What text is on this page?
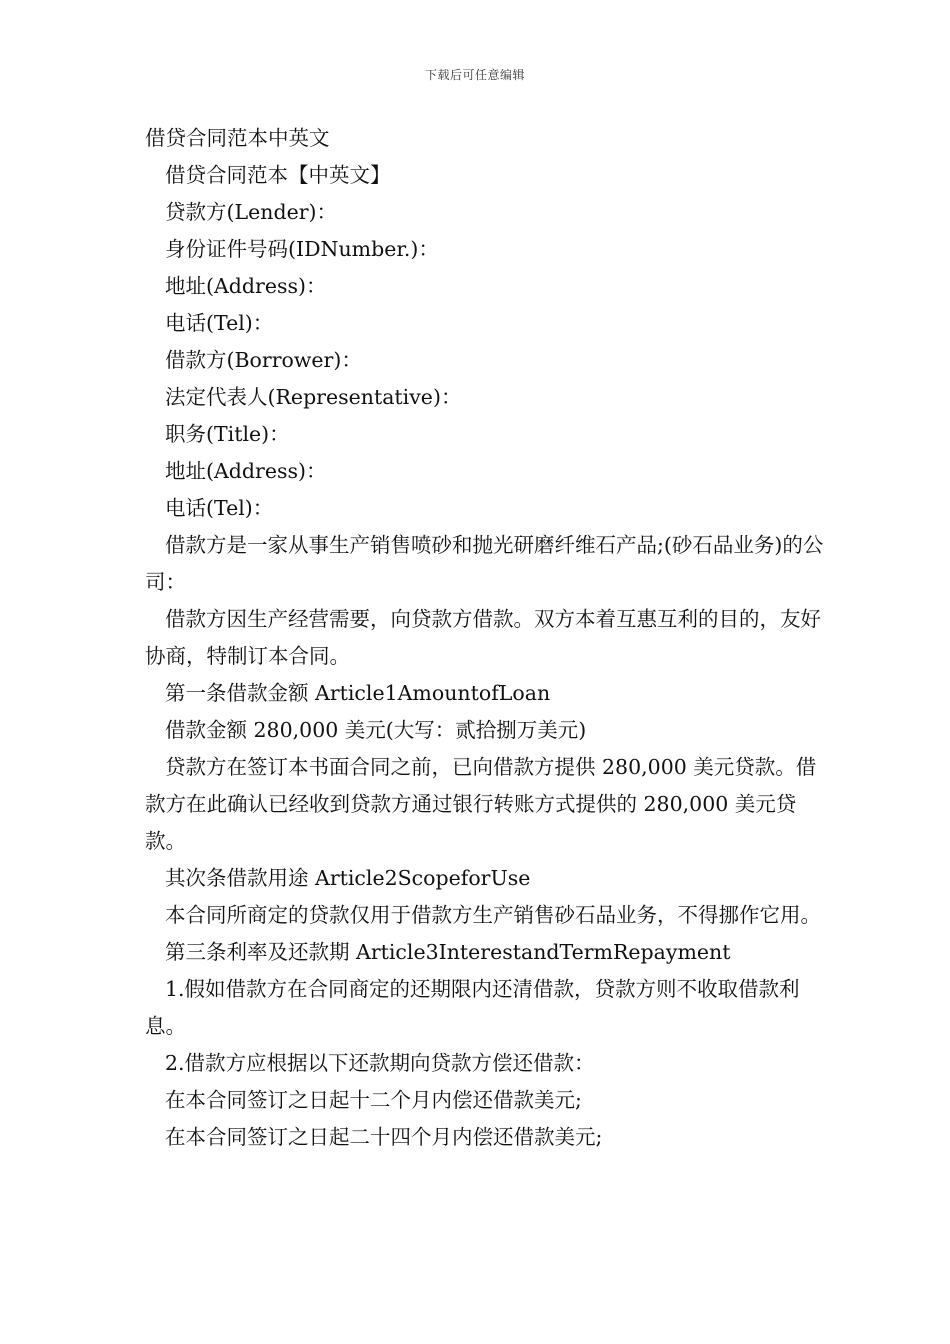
下载后可任意编辑

借贷合同范本中英文

借贷合同范本【中英文】

贷款方(Lender)：

身份证件号码(IDNumber.)：

地址(Address)：

电话(Tel)：

借款方(Borrower)：

法定代表人(Representative)：

职务(Title)：

地址(Address)：

电话(Tel)：

借款方是一家从事生产销售喷砂和抛光研磨纤维石产品;(砂石品业务)的公司：

借款方因生产经营需要，向贷款方借款。双方本着互惠互利的目的，友好协商，特制订本合同。

第一条借款金额 Article1AmountofLoan

借款金额 280,000 美元(大写：贰拾捌万美元)

贷款方在签订本书面合同之前，已向借款方提供 280,000 美元贷款。借款方在此确认已经收到贷款方通过银行转账方式提供的 280,000 美元贷款。

其次条借款用途 Article2ScopeforUse

本合同所商定的贷款仅用于借款方生产销售砂石品业务，不得挪作它用。

第三条利率及还款期 Article3InterestandTermRepayment

1.假如借款方在合同商定的还期限内还清借款，贷款方则不收取借款利息。

2.借款方应根据以下还款期向贷款方偿还借款：

在本合同签订之日起十二个月内偿还借款美元;

在本合同签订之日起二十四个月内偿还借款美元;
